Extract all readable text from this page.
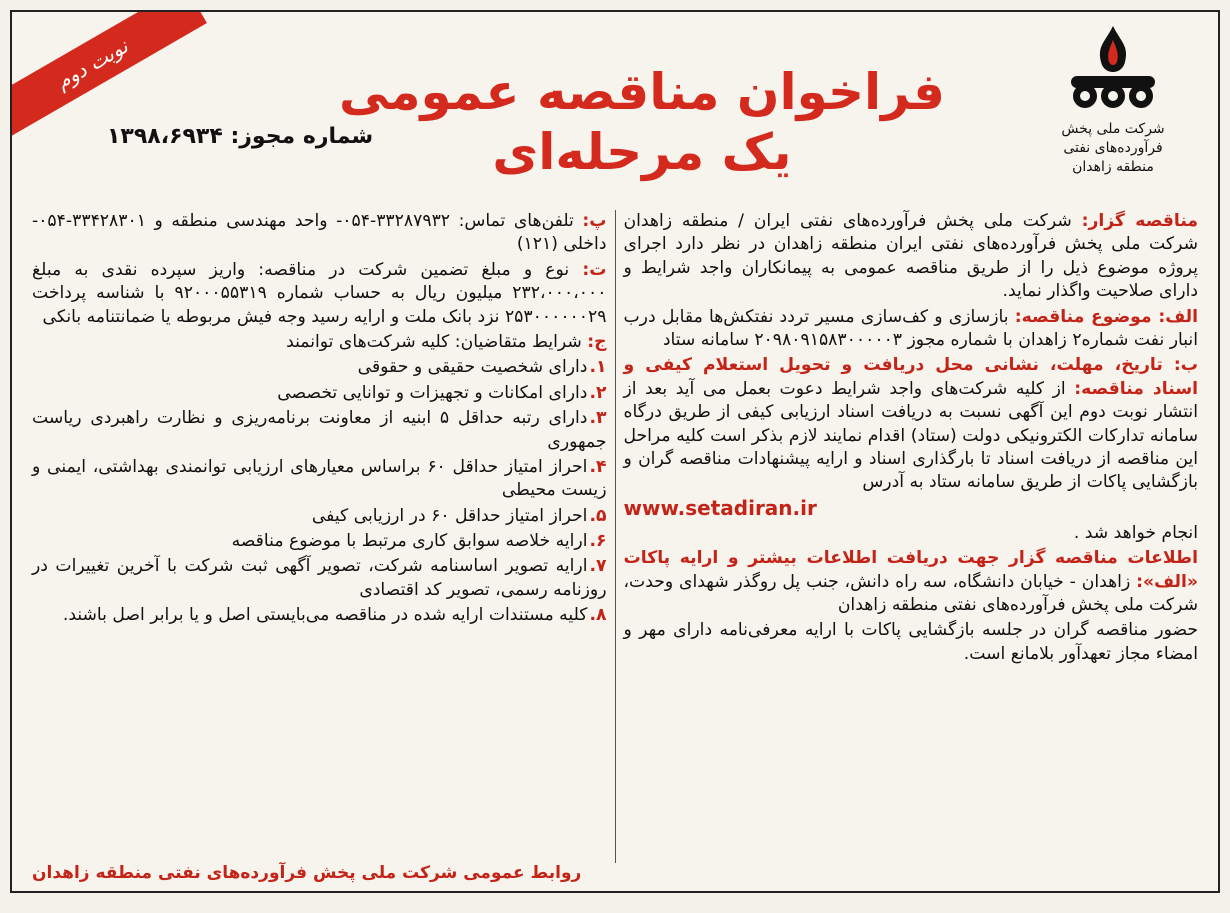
نوبت دوم
شرکت ملی پخش فرآورده‌های نفتی منطقه زاهدان
فراخوان مناقصه عمومی
یک مرحله‌ای
شماره مجوز: ۱۳۹۸،۶۹۳۴

مناقصه گزار: شرکت ملی پخش فرآورده‌های نفتی ایران / منطقه زاهدان شرکت ملی پخش فرآورده‌های نفتی ایران منطقه زاهدان در نظر دارد اجرای پروژه موضوع ذیل را از طریق مناقصه عمومی به پیمانکاران واجد شرایط و دارای صلاحیت واگذار نماید.

الف: موضوع مناقصه: بازسازی و کف‌سازی مسیر تردد نفتکش‌ها مقابل درب انبار نفت شماره۲ زاهدان با شماره مجوز ۲۰۹۸۰۹۱۵۸۳۰۰۰۰۰۳ سامانه ستاد

ب: تاریخ، مهلت، نشانی محل دریافت و تحویل استعلام کیفی و اسناد مناقصه: از کلیه شرکت‌های واجد شرایط دعوت بعمل می آید بعد از انتشار نوبت دوم این آگهی نسبت به دریافت اسناد ارزیابی کیفی از طریق درگاه سامانه تدارکات الکترونیکی دولت (ستاد) اقدام نمایند لازم بذکر است کلیه مراحل این مناقصه از دریافت اسناد تا بارگذاری اسناد و ارایه پیشنهادات مناقصه گران و بازگشایی پاکات از طریق سامانه ستاد به آدرس
www.setadiran.ir
انجام خواهد شد .

اطلاعات مناقصه گزار جهت دریافت اطلاعات بیشتر و ارایه پاکات «الف»: زاهدان - خیابان دانشگاه، سه راه دانش، جنب پل روگذر شهدای وحدت، شرکت ملی پخش فرآورده‌های نفتی منطقه زاهدان

حضور مناقصه گران در جلسه بازگشایی پاکات با ارایه معرفی‌نامه دارای مهر و امضاء مجاز تعهدآور بلامانع است.

پ: تلفن‌های تماس: ۳۳۲۸۷۹۳۲-۰۵۴- واحد مهندسی منطقه و ۳۳۴۲۸۳۰۱-۰۵۴- داخلی (۱۲۱)

ت: نوع و مبلغ تضمین شرکت در مناقصه: واریز سپرده نقدی به مبلغ ۲۳۲،۰۰۰،۰۰۰ میلیون ریال به حساب شماره ۹۲۰۰۰۵۵۳۱۹ با شناسه پرداخت ۲۵۳۰۰۰۰۰۰۲۹ نزد بانک ملت و ارایه رسید وجه فیش مربوطه یا ضمانتنامه بانکی

ج: شرایط متقاضیان: کلیه شرکت‌های توانمند

۱.دارای شخصیت حقیقی و حقوقی

۲.دارای امکانات و تجهیزات و توانایی تخصصی

۳.دارای رتبه حداقل ۵ ابنیه از معاونت برنامه‌ریزی و نظارت راهبردی ریاست جمهوری

۴.احراز امتیاز حداقل ۶۰ براساس معیارهای ارزیابی توانمندی بهداشتی، ایمنی و زیست محیطی

۵.احراز امتیاز حداقل ۶۰ در ارزیابی کیفی

۶.ارایه خلاصه سوابق کاری مرتبط با موضوع مناقصه

۷.ارایه تصویر اساسنامه شرکت، تصویر آگهی ثبت شرکت با آخرین تغییرات در روزنامه رسمی، تصویر کد اقتصادی

۸.کلیه مستندات ارایه شده در مناقصه می‌بایستی اصل و یا برابر اصل باشند.

روابط عمومی شرکت ملی پخش فرآورده‌های نفتی منطقه زاهدان
